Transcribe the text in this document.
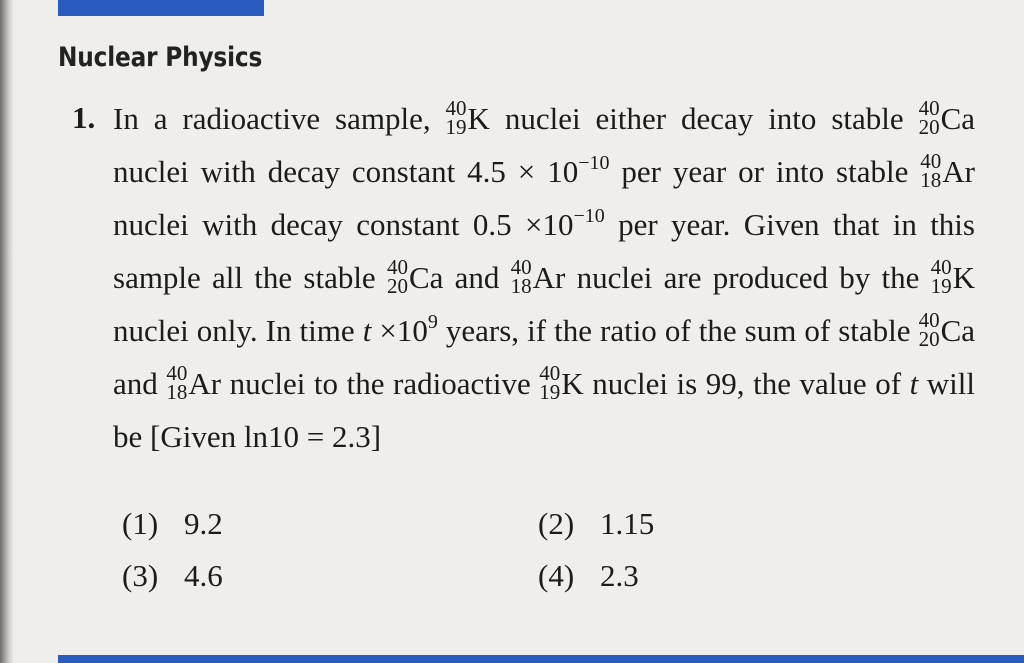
Nuclear Physics
1. In a radioactive sample, 40
19 K nuclei either decay into stable 40
20 Ca nuclei with decay constant $4.5 \times 10^{-10}$ per year or into stable 40
18 Ar nuclei with decay constant $0.5 \times 10^{-10}$ per year. Given that in this sample all the stable 40
20 Ca and 40
18 Ar nuclei are produced by the 40
19 K nuclei only. In time $t \times 10^9$ years, if the ratio of the sum of stable 40
20 Ca and 40
18 Ar nuclei to the radioactive 40
19 K nuclei is 99, the value of t will be [Given ln10 = 2.3]
(1) 9.2	(2) 1.15
(3) 4.6	(4) 2.3
